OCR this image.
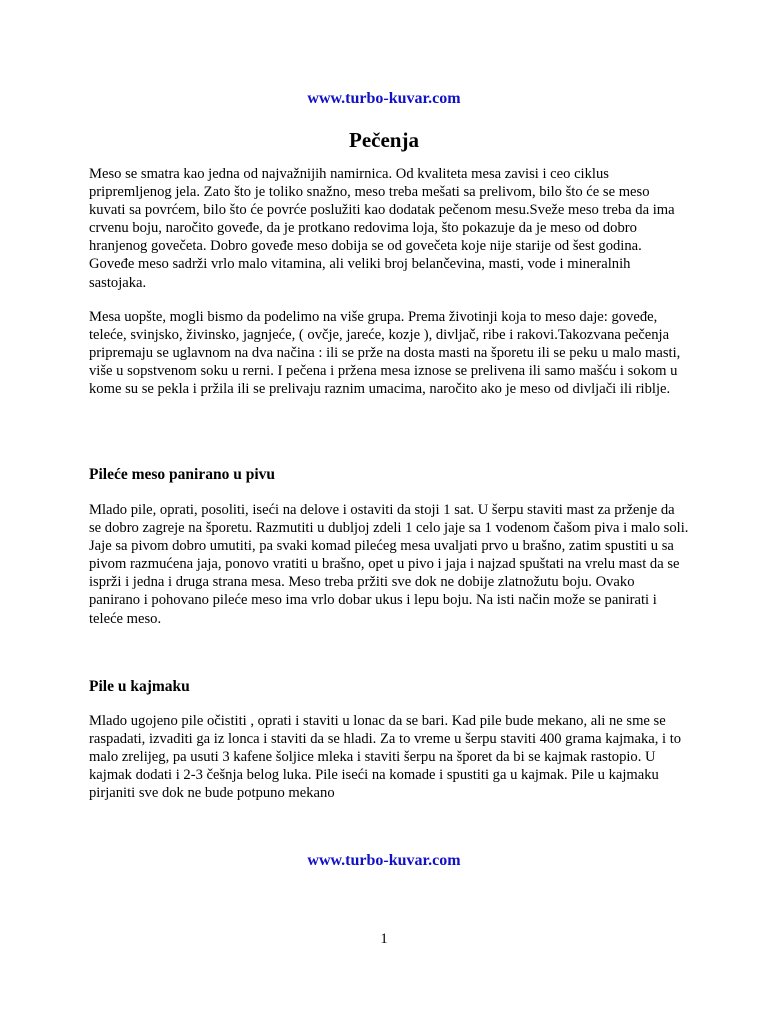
www.turbo-kuvar.com
Pečenja

Meso se smatra kao jedna od najvažnijih namirnica. Od kvaliteta mesa zavisi i ceo ciklus pripremljenog jela. Zato što je toliko snažno, meso treba mešati sa prelivom, bilo što će se meso kuvati sa povrćem, bilo što će povrće poslužiti kao dodatak pečenom mesu.Sveže meso treba da ima crvenu boju, naročito goveđe, da je protkano redovima loja, što pokazuje da je meso od dobro hranjenog govečeta. Dobro goveđe meso dobija se od govečeta koje nije starije od šest godina. Goveđe meso sadrži vrlo malo vitamina, ali veliki broj belančevina, masti, vode i mineralnih sastojaka.

Mesa uopšte, mogli bismo da podelimo na više grupa. Prema životinji koja to meso daje: goveđe, teleće, svinjsko, živinsko, jagnjeće, ( ovčje, jareće, kozje ), divljač, ribe i rakovi.Takozvana pečenja pripremaju se uglavnom na dva načina : ili se prže na dosta masti na šporetu ili se peku u malo masti, više u sopstvenom soku u rerni. I pečena i pržena mesa iznose se prelivena ili samo mašću i sokom u kome su se pekla i pržila ili se prelivaju raznim umacima, naročito ako je meso od divljači ili riblje.

Pileće meso panirano u pivu

Mlado pile, oprati, posoliti, iseći na delove i ostaviti da stoji 1 sat. U šerpu staviti mast za prženje da se dobro zagreje na šporetu. Razmutiti u dubljoj zdeli 1 celo jaje sa 1 vodenom čašom piva i malo soli. Jaje sa pivom dobro umutiti, pa svaki komad pilećeg mesa uvaljati prvo u brašno, zatim spustiti u sa pivom razmućena jaja, ponovo vratiti u brašno, opet u pivo i jaja i najzad spuštati na vrelu mast da se isprži i jedna i druga strana mesa. Meso treba pržiti sve dok ne dobije zlatnožutu boju. Ovako panirano i pohovano pileće meso ima vrlo dobar ukus i lepu boju. Na isti način može se panirati i teleće meso.

Pile u kajmaku

Mlado ugojeno pile očistiti , oprati i staviti u lonac da se bari. Kad pile bude mekano, ali ne sme se raspadati, izvaditi ga iz lonca i staviti da se hladi. Za to vreme u šerpu staviti 400 grama kajmaka, i to malo zrelijeg, pa usuti 3 kafene šoljice mleka i staviti šerpu na šporet da bi se kajmak rastopio. U kajmak dodati i 2-3 češnja belog luka. Pile iseći na komade i spustiti ga u kajmak. Pile u kajmaku pirjaniti sve dok ne bude potpuno mekano

www.turbo-kuvar.com
1
